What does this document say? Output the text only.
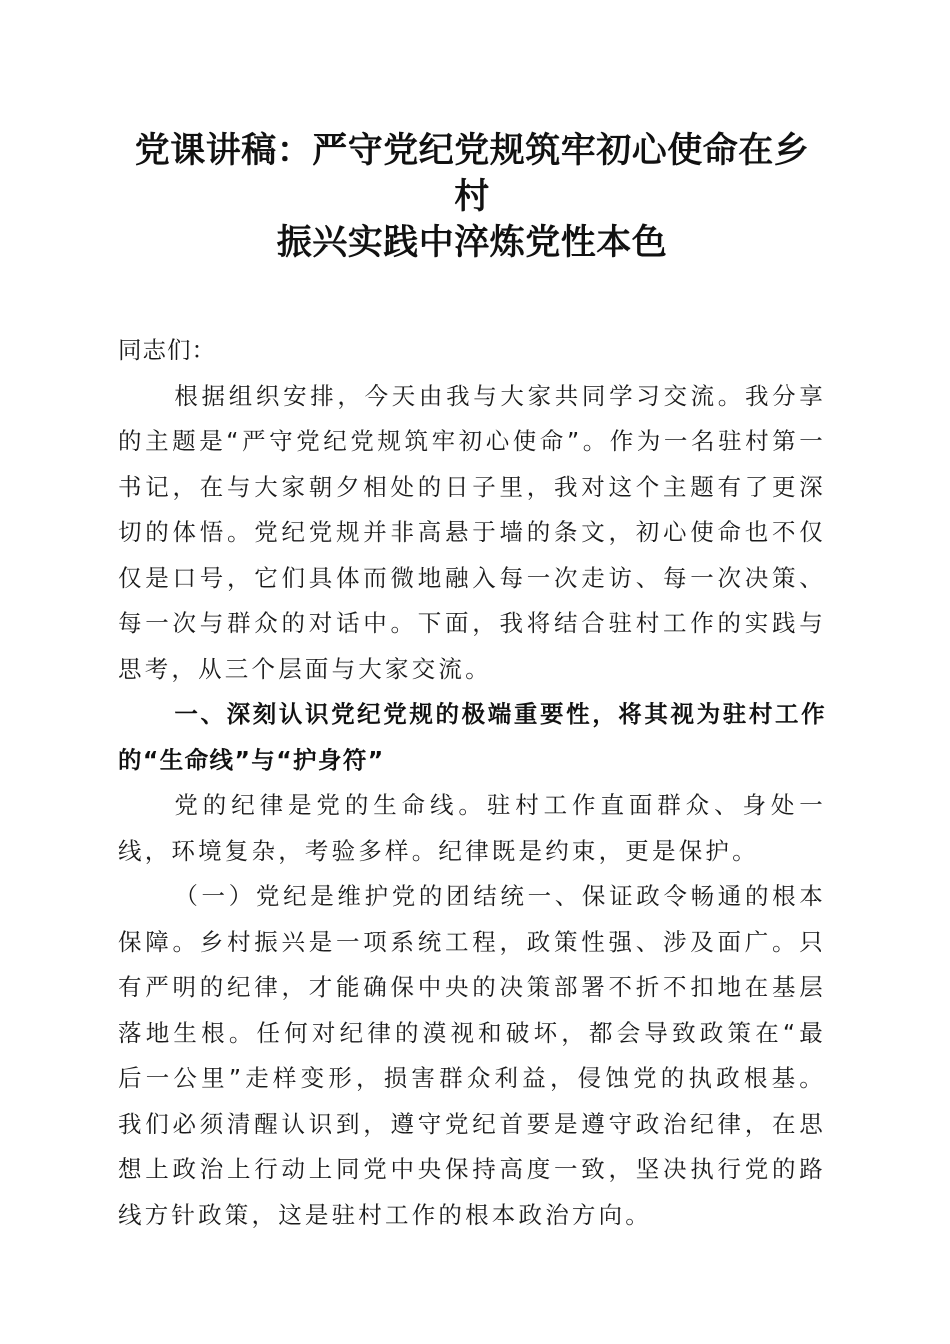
党课讲稿：严守党纪党规筑牢初心使命在乡村
振兴实践中淬炼党性本色

同志们：

根据组织安排，今天由我与大家共同学习交流。我分享的主题是“严守党纪党规筑牢初心使命”。作为一名驻村第一书记，在与大家朝夕相处的日子里，我对这个主题有了更深切的体悟。党纪党规并非高悬于墙的条文，初心使命也不仅仅是口号，它们具体而微地融入每一次走访、每一次决策、每一次与群众的对话中。下面，我将结合驻村工作的实践与思考，从三个层面与大家交流。

一、深刻认识党纪党规的极端重要性，将其视为驻村工作的“生命线”与“护身符”

党的纪律是党的生命线。驻村工作直面群众、身处一线，环境复杂，考验多样。纪律既是约束，更是保护。

（一）党纪是维护党的团结统一、保证政令畅通的根本保障。乡村振兴是一项系统工程，政策性强、涉及面广。只有严明的纪律，才能确保中央的决策部署不折不扣地在基层落地生根。任何对纪律的漠视和破坏，都会导致政策在“最后一公里”走样变形，损害群众利益，侵蚀党的执政根基。我们必须清醒认识到，遵守党纪首要是遵守政治纪律，在思想上政治上行动上同党中央保持高度一致，坚决执行党的路线方针政策，这是驻村工作的根本政治方向。
